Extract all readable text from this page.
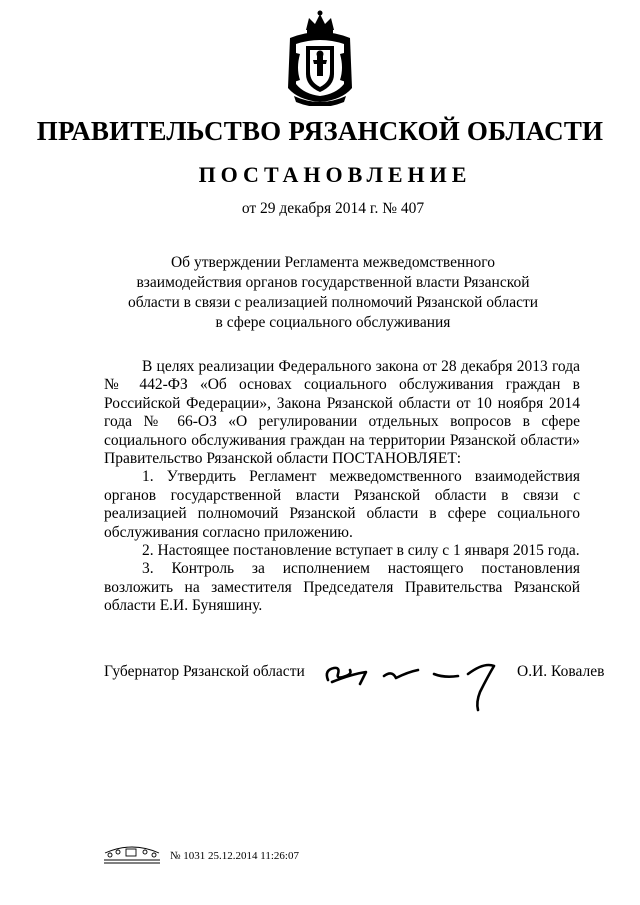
ПРАВИТЕЛЬСТВО РЯЗАНСКОЙ ОБЛАСТИ
ПОСТАНОВЛЕНИЕ
от 29 декабря 2014 г. № 407
Об утверждении Регламента межведомственного
взаимодействия органов государственной власти Рязанской
области в связи с реализацией полномочий Рязанской области
в сфере социального обслуживания

В целях реализации Федерального закона от 28 декабря 2013 года № 442-ФЗ «Об основах социального обслуживания граждан в Российской Федерации», Закона Рязанской области от 10 ноября 2014 года № 66-ОЗ «О регулировании отдельных вопросов в сфере социального обслуживания граждан на территории Рязанской области» Правительство Рязанской области ПОСТАНОВЛЯЕТ:

1. Утвердить Регламент межведомственного взаимодействия органов государственной власти Рязанской области в связи с реализацией полномочий Рязанской области в сфере социального обслуживания согласно приложению.

2. Настоящее постановление вступает в силу с 1 января 2015 года.

3. Контроль за исполнением настоящего постановления возложить на заместителя Председателя Правительства Рязанской области Е.И. Буняшину.

Губернатор Рязанской области	О.И. Ковалев
№ 1031 25.12.2014 11:26:07
